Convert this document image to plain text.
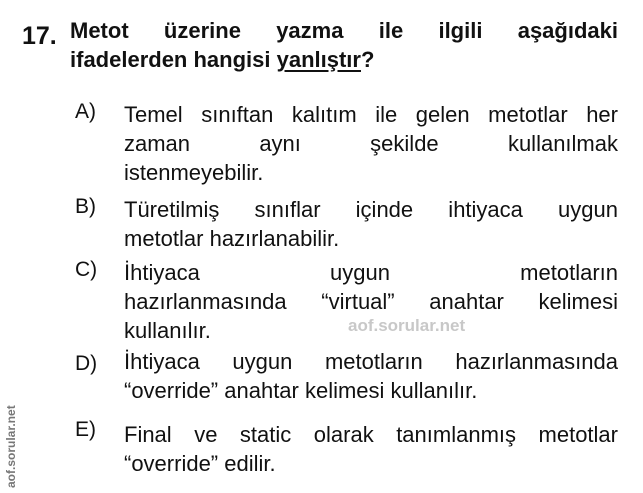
17. Metot üzerine yazma ile ilgili aşağıdaki
ifadelerden hangisi yanlıştır?
A) Temel sınıftan kalıtım ile gelen metotlar her
zaman aynı şekilde kullanılmak
istenmeyebilir.
B) Türetilmiş sınıflar içinde ihtiyaca uygun
metotlar hazırlanabilir.
C) İhtiyaca uygun metotların
hazırlanmasında “virtual” anahtar kelimesi
kullanılır.
D) İhtiyaca uygun metotların hazırlanmasında
“override” anahtar kelimesi kullanılır.
E) Final ve static olarak tanımlanmış metotlar
“override” edilir.
aof.sorular.net
aof.sorular.net
